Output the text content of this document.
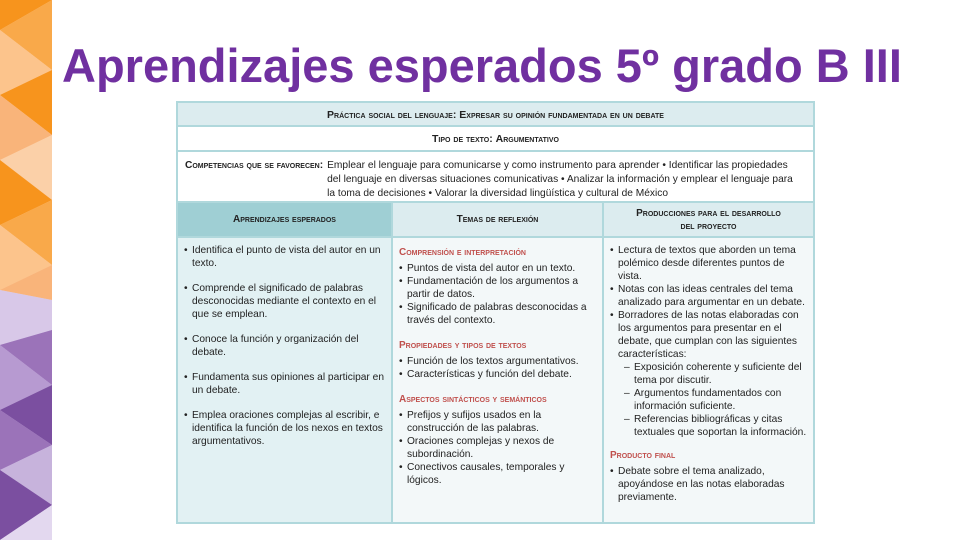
Aprendizajes esperados 5º grado B III
Práctica social del lenguaje: Expresar su opinión fundamentada en un debate
Tipo de texto: Argumentativo
Competencias que se favorecen: Emplear el lenguaje para comunicarse y como instrumento para aprender • Identificar las propiedades del lenguaje en diversas situaciones comunicativas • Analizar la información y emplear el lenguaje para la toma de decisiones • Valorar la diversidad lingüística y cultural de México
Aprendizajes esperados	Temas de reflexión
Producciones para el desarrollo del proyecto
• Identifica el punto de vista del autor en un texto.
• Comprende el significado de palabras desconocidas mediante el contexto en el que se emplean.
• Conoce la función y organización del debate.
• Fundamenta sus opiniones al participar en un debate.
• Emplea oraciones complejas al escribir, e identifica la función de los nexos en textos argumentativos.
Comprensión e interpretación
• Puntos de vista del autor en un texto.
• Fundamentación de los argumentos a partir de datos.
• Significado de palabras desconocidas a través del contexto.
Propiedades y tipos de textos
• Función de los textos argumentativos.
• Características y función del debate.
Aspectos sintácticos y semánticos
• Prefijos y sufijos usados en la construcción de las palabras.
• Oraciones complejas y nexos de subordinación.
• Conectivos causales, temporales y lógicos.
• Lectura de textos que aborden un tema polémico desde diferentes puntos de vista.
• Notas con las ideas centrales del tema analizado para argumentar en un debate.
• Borradores de las notas elaboradas con los argumentos para presentar en el debate, que cumplan con las siguientes características:
– Exposición coherente y suficiente del tema por discutir.
– Argumentos fundamentados con información suficiente.
– Referencias bibliográficas y citas textuales que soportan la información.
Producto final
• Debate sobre el tema analizado, apoyándose en las notas elaboradas previamente.
